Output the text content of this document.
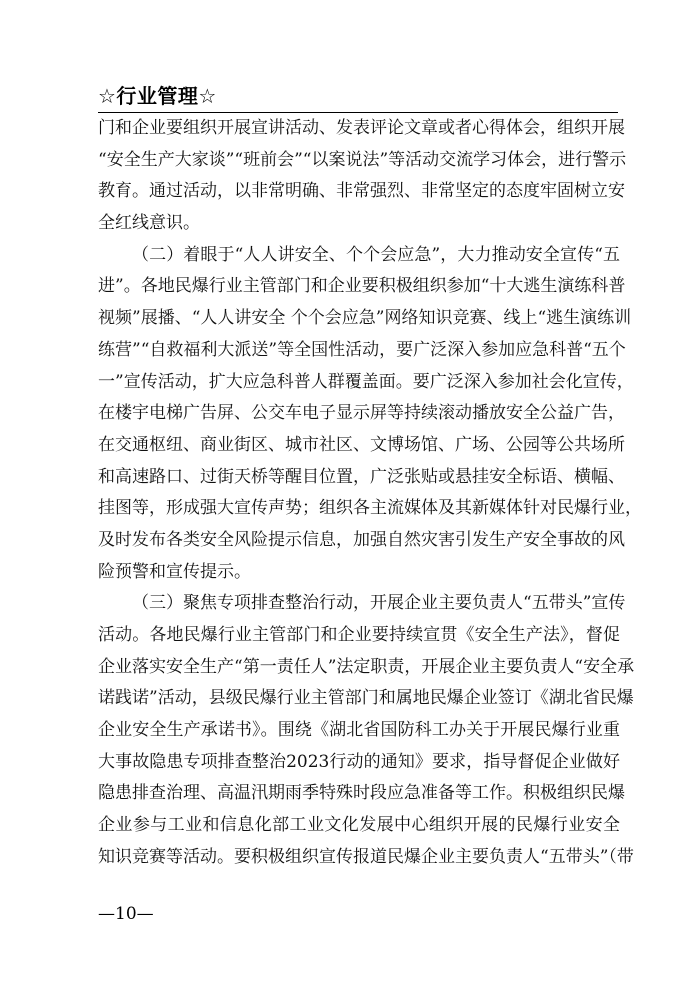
☆行业管理☆
门和企业要组织开展宣讲活动、发表评论文章或者心得体会，组织开展
“安全生产大家谈”“班前会”“以案说法”等活动交流学习体会，进行警示
教育。通过活动，以非常明确、非常强烈、非常坚定的态度牢固树立安
全红线意识。
（二）着眼于“人人讲安全、个个会应急”，大力推动安全宣传“五
进”。各地民爆行业主管部门和企业要积极组织参加“十大逃生演练科普
视频”展播、“人人讲安全 个个会应急”网络知识竞赛、线上“逃生演练训
练营”“自救福利大派送”等全国性活动，要广泛深入参加应急科普“五个
一”宣传活动，扩大应急科普人群覆盖面。要广泛深入参加社会化宣传，
在楼宇电梯广告屏、公交车电子显示屏等持续滚动播放安全公益广告，
在交通枢纽、商业街区、城市社区、文博场馆、广场、公园等公共场所
和高速路口、过街天桥等醒目位置，广泛张贴或悬挂安全标语、横幅、
挂图等，形成强大宣传声势；组织各主流媒体及其新媒体针对民爆行业，
及时发布各类安全风险提示信息，加强自然灾害引发生产安全事故的风
险预警和宣传提示。
（三）聚焦专项排查整治行动，开展企业主要负责人“五带头”宣传
活动。各地民爆行业主管部门和企业要持续宣贯《安全生产法》，督促
企业落实安全生产“第一责任人”法定职责，开展企业主要负责人“安全承
诺践诺”活动，县级民爆行业主管部门和属地民爆企业签订《湖北省民爆
企业安全生产承诺书》。围绕《湖北省国防科工办关于开展民爆行业重
大事故隐患专项排查整治2023行动的通知》要求，指导督促企业做好
隐患排查治理、高温汛期雨季特殊时段应急准备等工作。积极组织民爆
企业参与工业和信息化部工业文化发展中心组织开展的民爆行业安全
知识竞赛等活动。要积极组织宣传报道民爆企业主要负责人“五带头”（带
—10—
